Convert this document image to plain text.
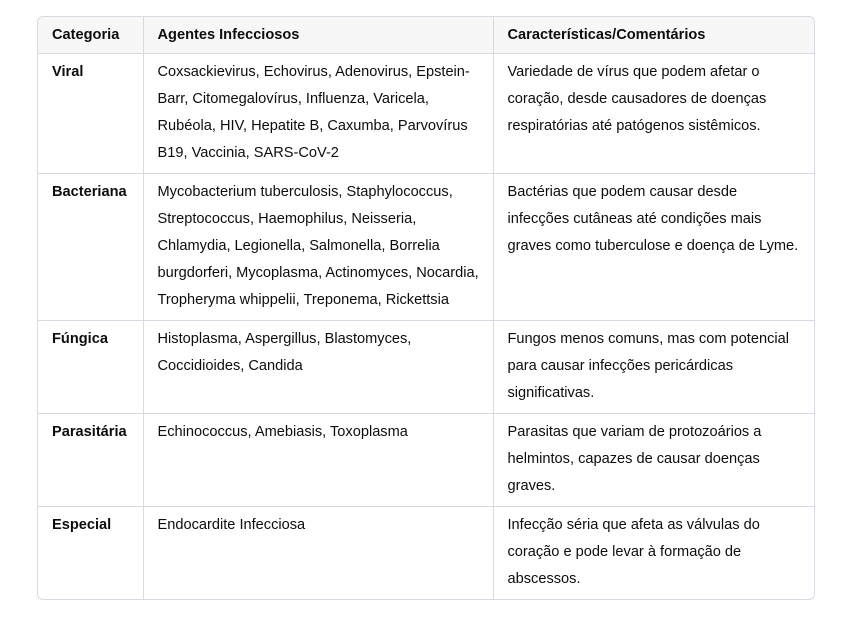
Categoria	Agentes Infecciosos	Características/Comentários
Viral	Coxsackievirus, Echovirus, Adenovirus, Epstein-Barr, Citomegalovírus, Influenza, Varicela, Rubéola, HIV, Hepatite B, Caxumba, Parvovírus B19, Vaccinia, SARS-CoV-2	Variedade de vírus que podem afetar o coração, desde causadores de doenças respiratórias até patógenos sistêmicos.
Bacteriana	Mycobacterium tuberculosis, Staphylococcus, Streptococcus, Haemophilus, Neisseria, Chlamydia, Legionella, Salmonella, Borrelia burgdorferi, Mycoplasma, Actinomyces, Nocardia, Tropheryma whippelii, Treponema, Rickettsia	Bactérias que podem causar desde infecções cutâneas até condições mais graves como tuberculose e doença de Lyme.
Fúngica	Histoplasma, Aspergillus, Blastomyces, Coccidioides, Candida	Fungos menos comuns, mas com potencial para causar infecções pericárdicas significativas.
Parasitária	Echinococcus, Amebiasis, Toxoplasma	Parasitas que variam de protozoários a helmintos, capazes de causar doenças graves.
Especial	Endocardite Infecciosa	Infecção séria que afeta as válvulas do coração e pode levar à formação de abscessos.
